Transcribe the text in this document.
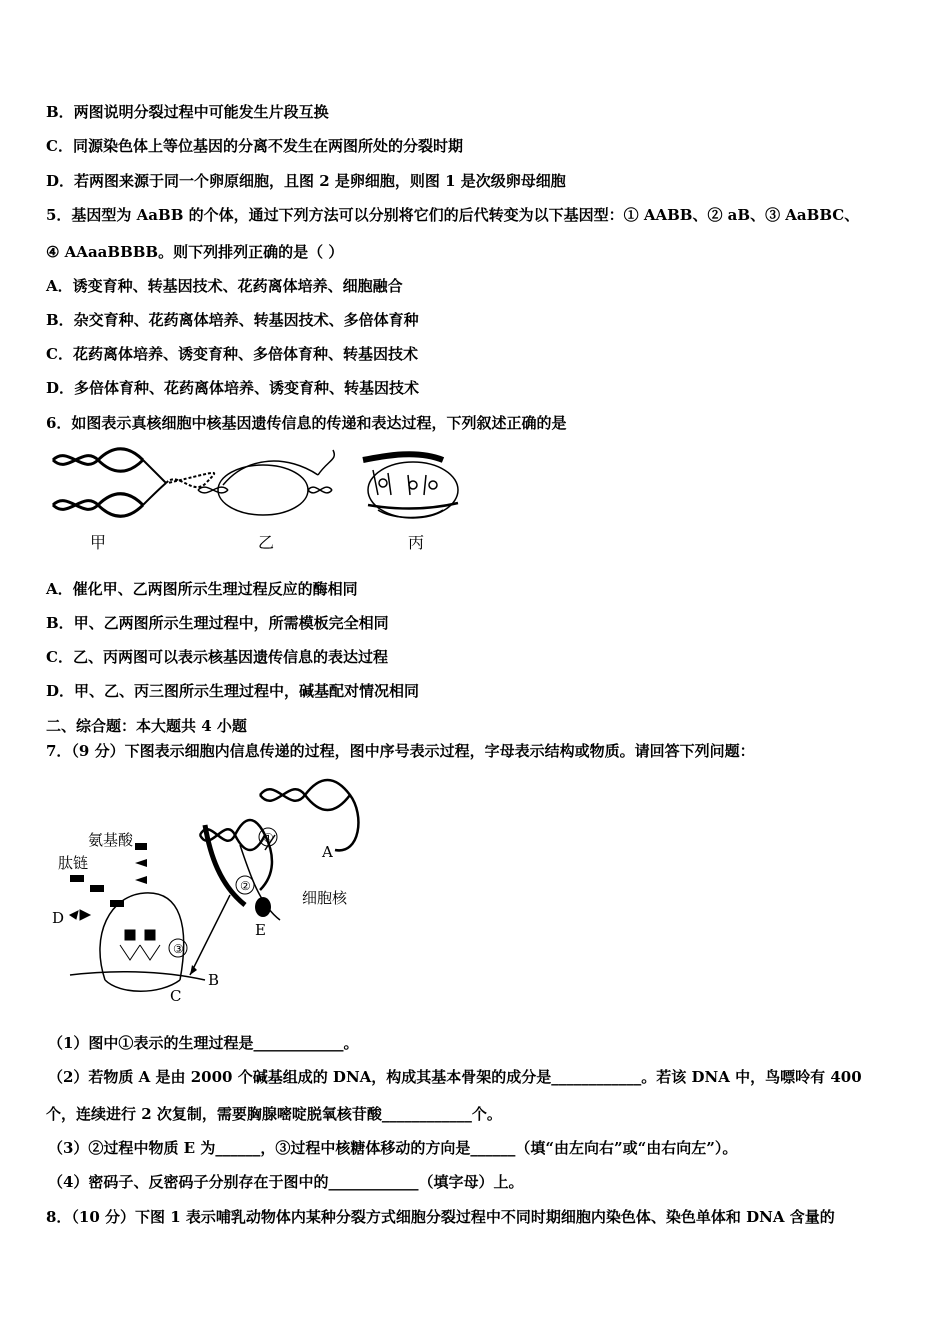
B．两图说明分裂过程中可能发生片段互换
C．同源染色体上等位基因的分离不发生在两图所处的分裂时期
D．若两图来源于同一个卵原细胞，且图 2 是卵细胞，则图 1 是次级卵母细胞
5．基因型为 AaBB 的个体，通过下列方法可以分别将它们的后代转变为以下基因型：① AABB、② aB、③ AaBBC、
④ AAaaBBBB。则下列排列正确的是（ ）
A．诱变育种、转基因技术、花药离体培养、细胞融合
B．杂交育种、花药离体培养、转基因技术、多倍体育种
C．花药离体培养、诱变育种、多倍体育种、转基因技术
D．多倍体育种、花药离体培养、诱变育种、转基因技术
6．如图表示真核细胞中核基因遗传信息的传递和表达过程，下列叙述正确的是
甲	乙	丙
A．催化甲、乙两图所示生理过程反应的酶相同
B．甲、乙两图所示生理过程中，所需模板完全相同
C．乙、丙两图可以表示核基因遗传信息的表达过程
D．甲、乙、丙三图所示生理过程中，碱基配对情况相同
二、综合题：本大题共 4 小题
7．（9 分）下图表示细胞内信息传递的过程，图中序号表示过程，字母表示结构或物质。请回答下列问题：
①
②
③
氨基酸
肽链
细胞核
A
B
C
D
E
（1）图中①表示的生理过程是____________。
（2）若物质 A 是由 2000 个碱基组成的 DNA，构成其基本骨架的成分是____________。若该 DNA 中，鸟嘌呤有 400
个，连续进行 2 次复制，需要胸腺嘧啶脱氧核苷酸____________个。
（3）②过程中物质 E 为______，③过程中核糖体移动的方向是______（填“由左向右”或“由右向左”）。
（4）密码子、反密码子分别存在于图中的____________（填字母）上。
8．（10 分）下图 1 表示哺乳动物体内某种分裂方式细胞分裂过程中不同时期细胞内染色体、染色单体和 DNA 含量的
